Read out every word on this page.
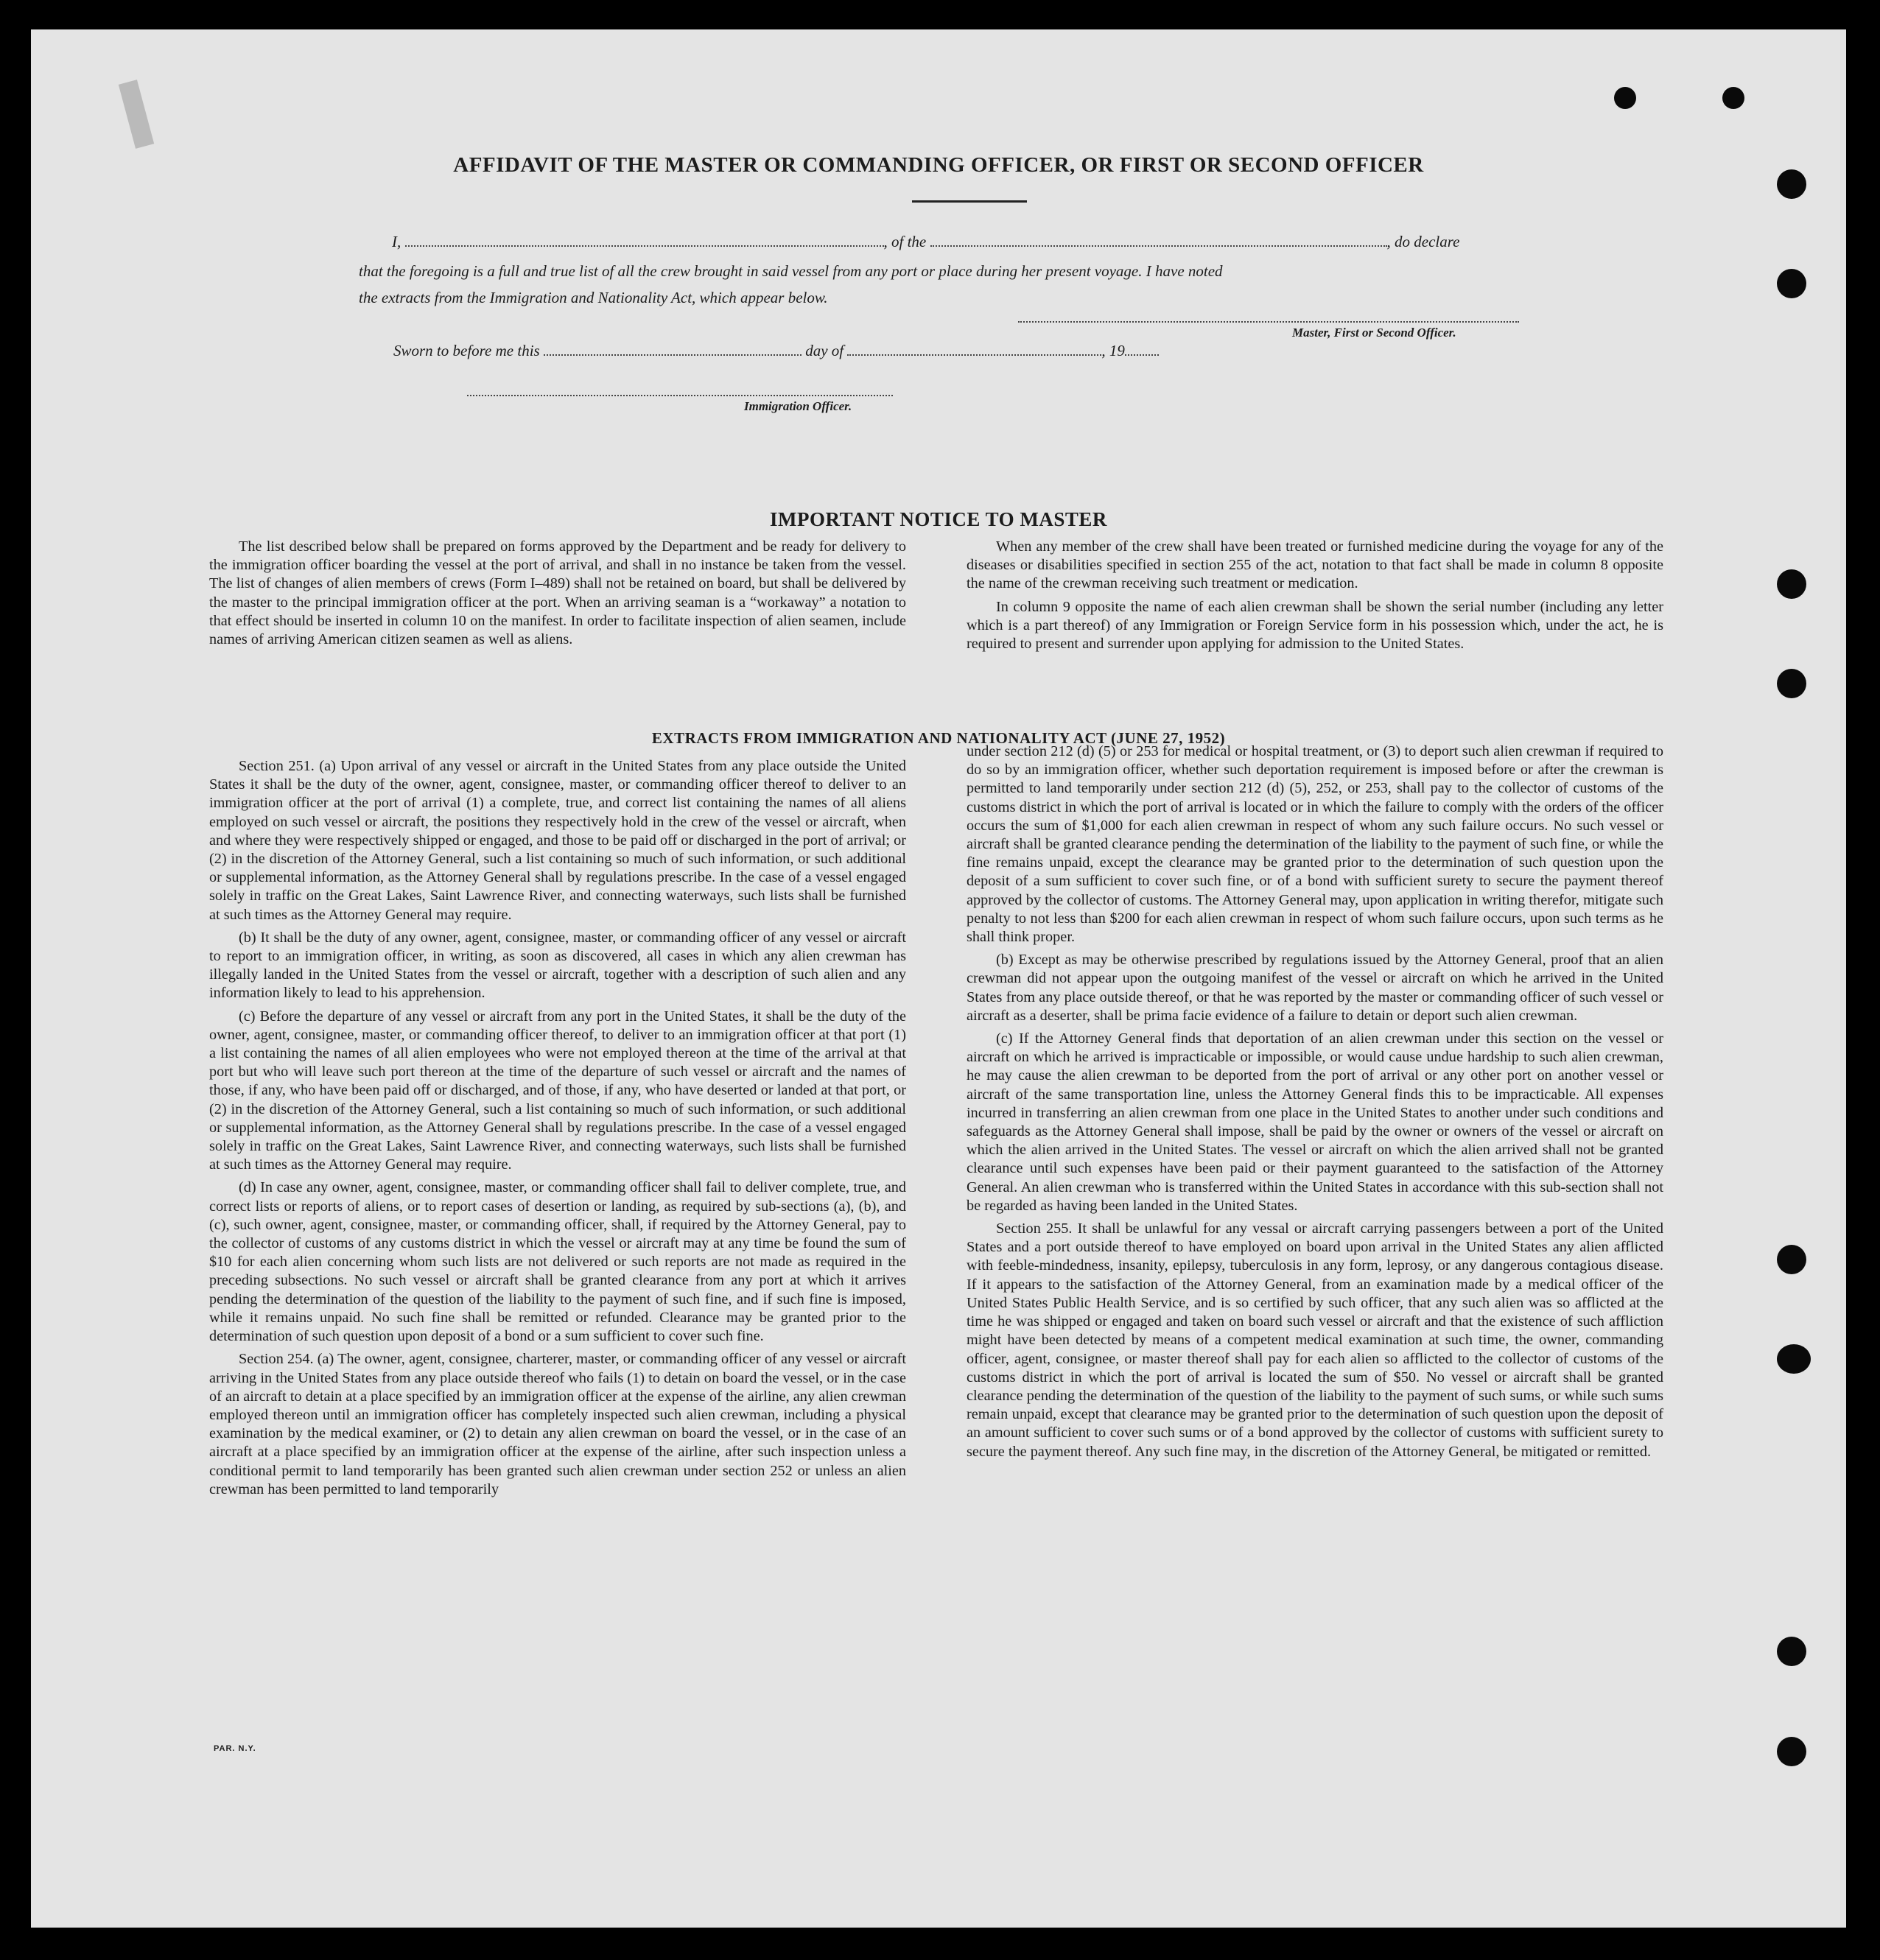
AFFIDAVIT OF THE MASTER OR COMMANDING OFFICER, OR FIRST OR SECOND OFFICER
I,	, of the	, do declare
that the foregoing is a full and true list of all the crew brought in said vessel from any port or place during her present voyage. I have noted
the extracts from the Immigration and Nationality Act, which appear below.
Master, First or Second Officer.
Sworn to before me this	day of	, 19
Immigration Officer.
IMPORTANT NOTICE TO MASTER

The list described below shall be prepared on forms approved by the Department and be ready for delivery to the immigration officer boarding the vessel at the port of arrival, and shall in no instance be taken from the vessel. The list of changes of alien members of crews (Form I–489) shall not be retained on board, but shall be delivered by the master to the principal immigration officer at the port. When an arriving seaman is a “workaway” a notation to that effect should be inserted in column 10 on the manifest. In order to facilitate inspection of alien seamen, include names of arriving American citizen seamen as well as aliens.

When any member of the crew shall have been treated or furnished medicine during the voyage for any of the diseases or disabilities specified in section 255 of the act, notation to that fact shall be made in column 8 opposite the name of the crewman receiving such treatment or medication.

In column 9 opposite the name of each alien crewman shall be shown the serial number (including any letter which is a part thereof) of any Immigration or Foreign Service form in his possession which, under the act, he is required to present and surrender upon applying for admission to the United States.

EXTRACTS FROM IMMIGRATION AND NATIONALITY ACT (JUNE 27, 1952)

Section 251. (a) Upon arrival of any vessel or aircraft in the United States from any place outside the United States it shall be the duty of the owner, agent, consignee, master, or commanding officer thereof to deliver to an immigration officer at the port of arrival (1) a complete, true, and correct list containing the names of all aliens employed on such vessel or aircraft, the positions they respectively hold in the crew of the vessel or aircraft, when and where they were respectively shipped or engaged, and those to be paid off or discharged in the port of arrival; or (2) in the discretion of the Attorney General, such a list containing so much of such information, or such additional or supplemental information, as the Attorney General shall by regulations prescribe. In the case of a vessel engaged solely in traffic on the Great Lakes, Saint Lawrence River, and connecting waterways, such lists shall be furnished at such times as the Attorney General may require.

(b) It shall be the duty of any owner, agent, consignee, master, or commanding officer of any vessel or aircraft to report to an immigration officer, in writing, as soon as discovered, all cases in which any alien crewman has illegally landed in the United States from the vessel or aircraft, together with a description of such alien and any information likely to lead to his apprehension.

(c) Before the departure of any vessel or aircraft from any port in the United States, it shall be the duty of the owner, agent, consignee, master, or commanding officer thereof, to deliver to an immigration officer at that port (1) a list containing the names of all alien employees who were not employed thereon at the time of the arrival at that port but who will leave such port thereon at the time of the departure of such vessel or aircraft and the names of those, if any, who have been paid off or discharged, and of those, if any, who have deserted or landed at that port, or (2) in the discretion of the Attorney General, such a list containing so much of such information, or such additional or supplemental information, as the Attorney General shall by regulations prescribe. In the case of a vessel engaged solely in traffic on the Great Lakes, Saint Lawrence River, and connecting waterways, such lists shall be furnished at such times as the Attorney General may require.

(d) In case any owner, agent, consignee, master, or commanding officer shall fail to deliver complete, true, and correct lists or reports of aliens, or to report cases of desertion or landing, as required by sub-sections (a), (b), and (c), such owner, agent, consignee, master, or commanding officer, shall, if required by the Attorney General, pay to the collector of customs of any customs district in which the vessel or aircraft may at any time be found the sum of $10 for each alien concerning whom such lists are not delivered or such reports are not made as required in the preceding subsections. No such vessel or aircraft shall be granted clearance from any port at which it arrives pending the determination of the question of the liability to the payment of such fine, and if such fine is imposed, while it remains unpaid. No such fine shall be remitted or refunded. Clearance may be granted prior to the determination of such question upon deposit of a bond or a sum sufficient to cover such fine.

Section 254. (a) The owner, agent, consignee, charterer, master, or commanding officer of any vessel or aircraft arriving in the United States from any place outside thereof who fails (1) to detain on board the vessel, or in the case of an aircraft to detain at a place specified by an immigration officer at the expense of the airline, any alien crewman employed thereon until an immigration officer has completely inspected such alien crewman, including a physical examination by the medical examiner, or (2) to detain any alien crewman on board the vessel, or in the case of an aircraft at a place specified by an immigration officer at the expense of the airline, after such inspection unless a conditional permit to land temporarily has been granted such alien crewman under section 252 or unless an alien crewman has been permitted to land temporarily

under section 212 (d) (5) or 253 for medical or hospital treatment, or (3) to deport such alien crewman if required to do so by an immigration officer, whether such deportation requirement is imposed before or after the crewman is permitted to land temporarily under section 212 (d) (5), 252, or 253, shall pay to the collector of customs of the customs district in which the port of arrival is located or in which the failure to comply with the orders of the officer occurs the sum of $1,000 for each alien crewman in respect of whom any such failure occurs. No such vessel or aircraft shall be granted clearance pending the determination of the liability to the payment of such fine, or while the fine remains unpaid, except the clearance may be granted prior to the determination of such question upon the deposit of a sum sufficient to cover such fine, or of a bond with sufficient surety to secure the payment thereof approved by the collector of customs. The Attorney General may, upon application in writing therefor, mitigate such penalty to not less than $200 for each alien crewman in respect of whom such failure occurs, upon such terms as he shall think proper.

(b) Except as may be otherwise prescribed by regulations issued by the Attorney General, proof that an alien crewman did not appear upon the outgoing manifest of the vessel or aircraft on which he arrived in the United States from any place outside thereof, or that he was reported by the master or commanding officer of such vessel or aircraft as a deserter, shall be prima facie evidence of a failure to detain or deport such alien crewman.

(c) If the Attorney General finds that deportation of an alien crewman under this section on the vessel or aircraft on which he arrived is impracticable or impossible, or would cause undue hardship to such alien crewman, he may cause the alien crewman to be deported from the port of arrival or any other port on another vessel or aircraft of the same transportation line, unless the Attorney General finds this to be impracticable. All expenses incurred in transferring an alien crewman from one place in the United States to another under such conditions and safeguards as the Attorney General shall impose, shall be paid by the owner or owners of the vessel or aircraft on which the alien arrived in the United States. The vessel or aircraft on which the alien arrived shall not be granted clearance until such expenses have been paid or their payment guaranteed to the satisfaction of the Attorney General. An alien crewman who is transferred within the United States in accordance with this sub-section shall not be regarded as having been landed in the United States.

Section 255. It shall be unlawful for any vessal or aircraft carrying passengers between a port of the United States and a port outside thereof to have employed on board upon arrival in the United States any alien afflicted with feeble-mindedness, insanity, epilepsy, tuberculosis in any form, leprosy, or any dangerous contagious disease. If it appears to the satisfaction of the Attorney General, from an examination made by a medical officer of the United States Public Health Service, and is so certified by such officer, that any such alien was so afflicted at the time he was shipped or engaged and taken on board such vessel or aircraft and that the existence of such affliction might have been detected by means of a competent medical examination at such time, the owner, commanding officer, agent, consignee, or master thereof shall pay for each alien so afflicted to the collector of customs of the customs district in which the port of arrival is located the sum of $50. No vessel or aircraft shall be granted clearance pending the determination of the question of the liability to the payment of such sums, or while such sums remain unpaid, except that clearance may be granted prior to the determination of such question upon the deposit of an amount sufficient to cover such sums or of a bond approved by the collector of customs with sufficient surety to secure the payment thereof. Any such fine may, in the discretion of the Attorney General, be mitigated or remitted.

PAR. N.Y.
